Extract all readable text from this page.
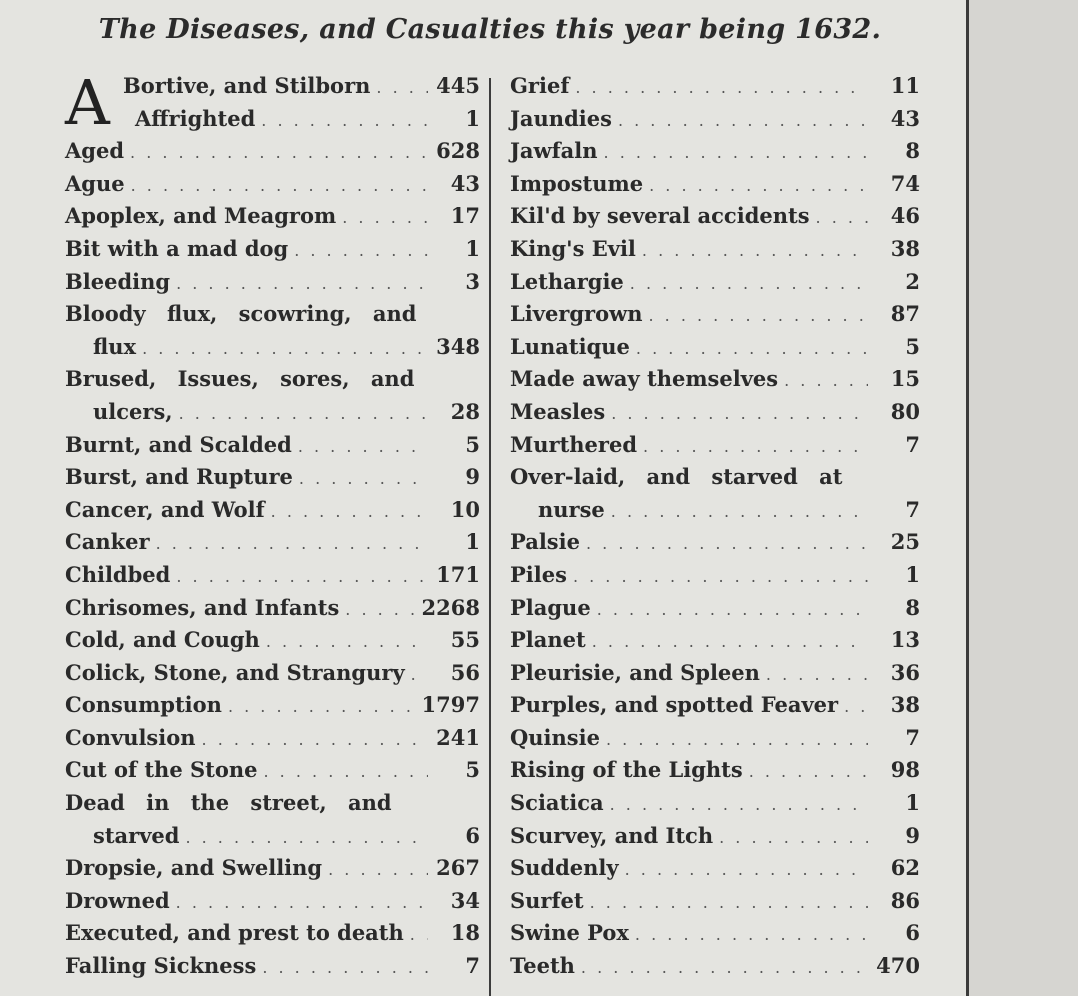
The Diseases, and Casualties this year being 1632.
A Bortive, and Stilborn . . .	445
Affrighted . . .	1
Aged . . .	628
Ague . . .	43
Apoplex, and Meagrom . . .	17
Bit with a mad dog . . .	1
Bleeding . . .	3
Bloody flux, scowring, and
flux . . .	348
Brused, Issues, sores, and
ulcers, . . .	28
Burnt, and Scalded . . .	5
Burst, and Rupture . . .	9
Cancer, and Wolf . . .	10
Canker . . .	1
Childbed . . .	171
Chrisomes, and Infants . . .	2268
Cold, and Cough . . .	55
Colick, Stone, and Strangury . . .	56
Consumption . . .	1797
Convulsion . . .	241
Cut of the Stone . . .	5
Dead in the street, and
starved . . .	6
Dropsie, and Swelling . . .	267
Drowned . . .	34
Executed, and prest to death . . .	18
Falling Sickness . . .	7
Grief . . .	11
Jaundies . . .	43
Jawfaln . . .	8
Impostume . . .	74
Kil'd by several accidents . . .	46
King's Evil . . .	38
Lethargie . . .	2
Livergrown . . .	87
Lunatique . . .	5
Made away themselves . . .	15
Measles . . .	80
Murthered . . .	7
Over-laid, and starved at
nurse . . .	7
Palsie . . .	25
Piles . . .	1
Plague . . .	8
Planet . . .	13
Pleurisie, and Spleen . . .	36
Purples, and spotted Feaver . . .	38
Quinsie . . .	7
Rising of the Lights . . .	98
Sciatica . . .	1
Scurvey, and Itch . . .	9
Suddenly . . .	62
Surfet . . .	86
Swine Pox . . .	6
Teeth . . .	470
